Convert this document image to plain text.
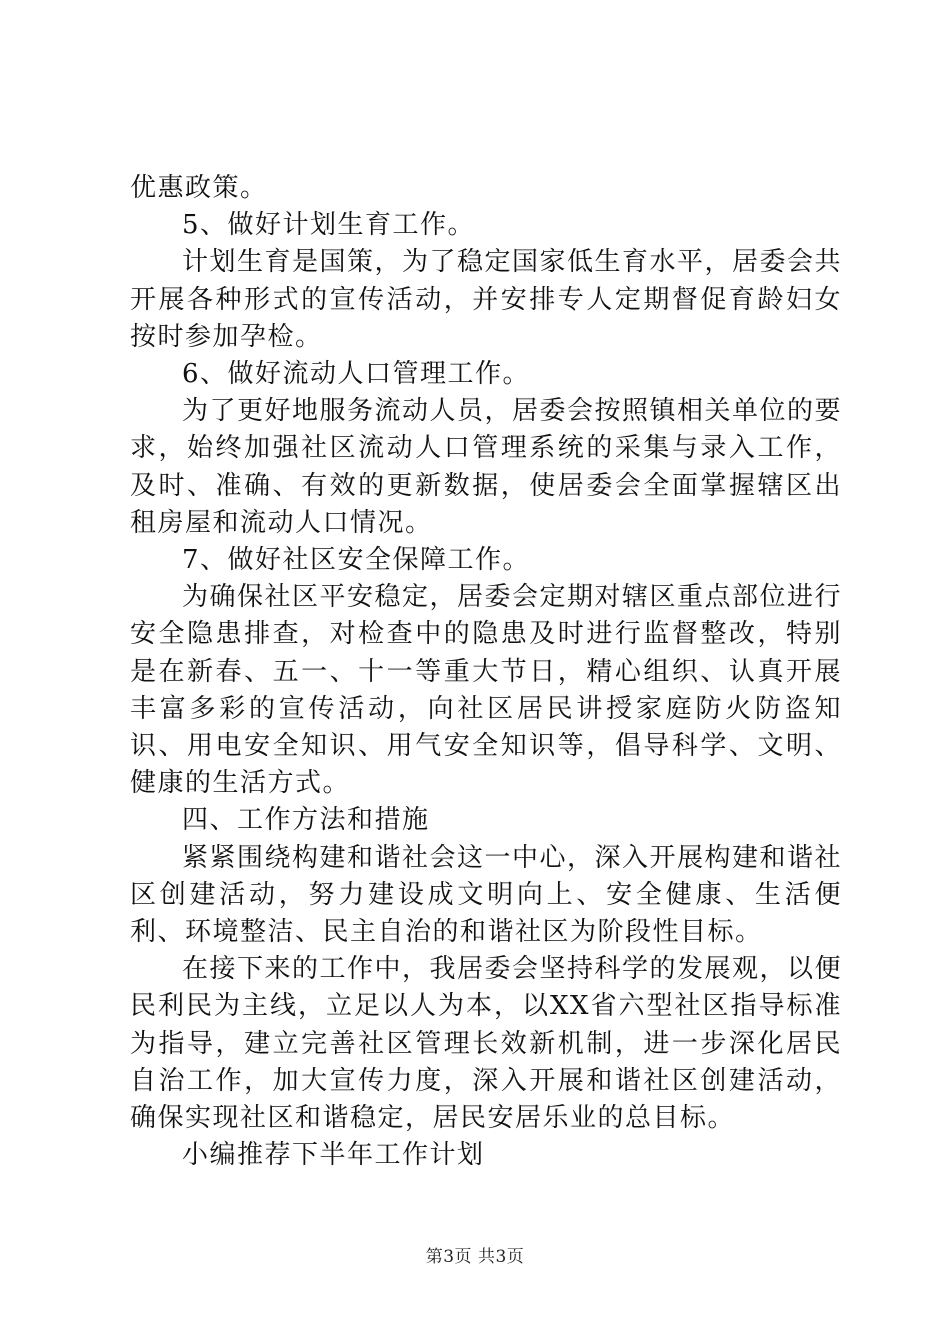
优惠政策。

5、做好计划生育工作。

计划生育是国策，为了稳定国家低生育水平，居委会共开展各种形式的宣传活动，并安排专人定期督促育龄妇女按时参加孕检。

6、做好流动人口管理工作。

为了更好地服务流动人员，居委会按照镇相关单位的要求，始终加强社区流动人口管理系统的采集与录入工作，及时、准确、有效的更新数据，使居委会全面掌握辖区出租房屋和流动人口情况。

7、做好社区安全保障工作。

为确保社区平安稳定，居委会定期对辖区重点部位进行安全隐患排查，对检查中的隐患及时进行监督整改，特别是在新春、五一、十一等重大节日，精心组织、认真开展丰富多彩的宣传活动，向社区居民讲授家庭防火防盗知识、用电安全知识、用气安全知识等，倡导科学、文明、健康的生活方式。

四、工作方法和措施

紧紧围绕构建和谐社会这一中心，深入开展构建和谐社区创建活动，努力建设成文明向上、安全健康、生活便利、环境整洁、民主自治的和谐社区为阶段性目标。

在接下来的工作中，我居委会坚持科学的发展观，以便民利民为主线，立足以人为本，以XX省六型社区指导标准为指导，建立完善社区管理长效新机制，进一步深化居民自治工作，加大宣传力度，深入开展和谐社区创建活动，确保实现社区和谐稳定，居民安居乐业的总目标。

小编推荐下半年工作计划

第3页 共3页
